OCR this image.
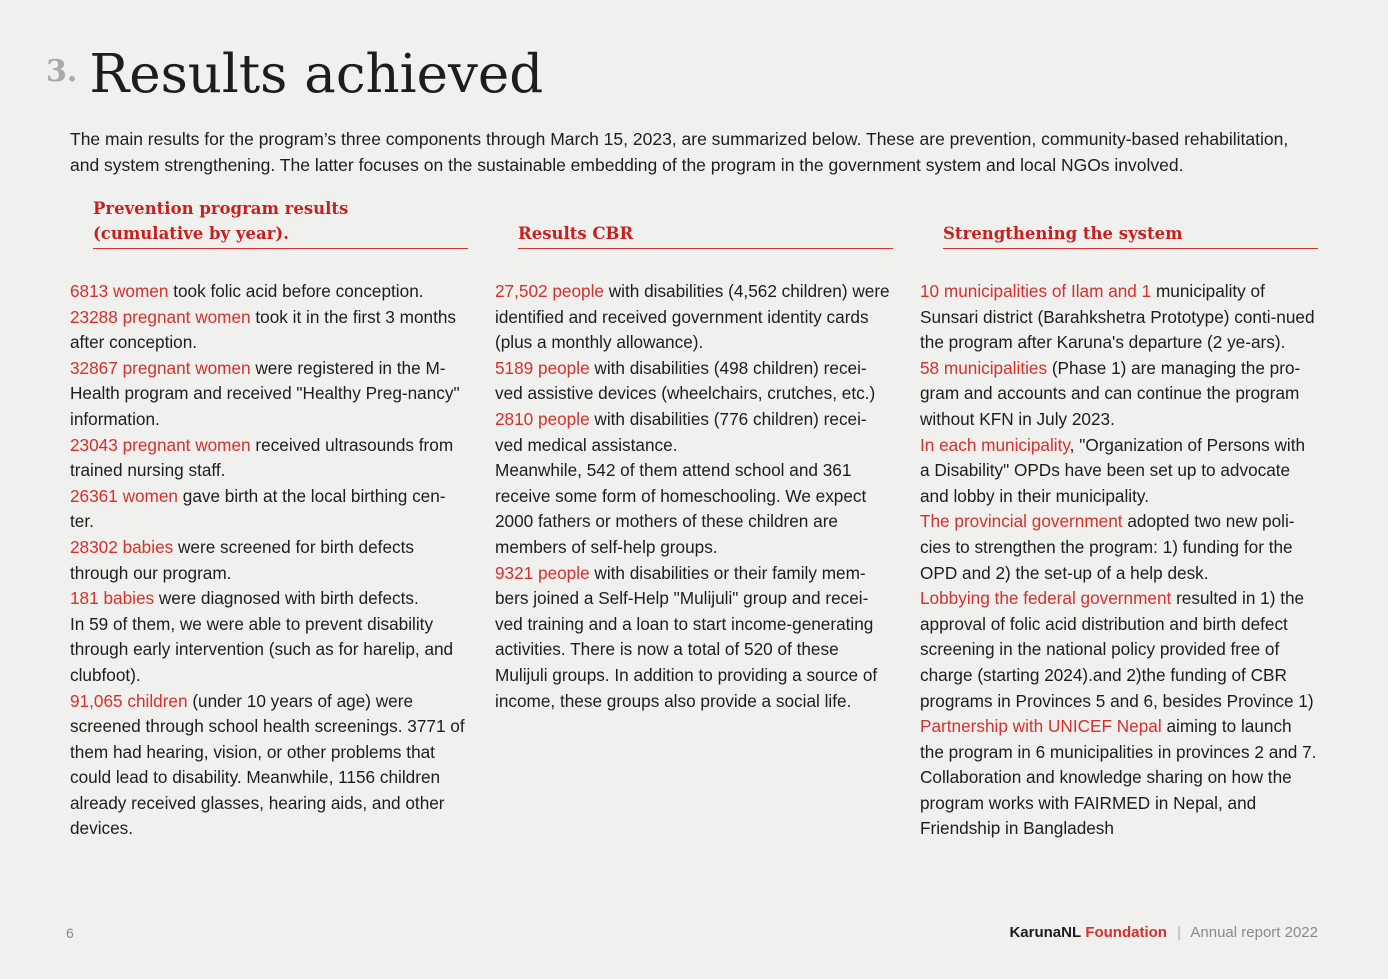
3. Results achieved
The main results for the program’s three components through March 15, 2023, are summarized below. These are prevention, community-based rehabilitation, and system strengthening. The latter focuses on the sustainable embedding of the program in the government system and local NGOs involved.
Prevention program results (cumulative by year).

6813 women took folic acid before conception.

23288 pregnant women took it in the first 3 months after conception.

32867 pregnant women were registered in the M-Health program and received "Healthy Preg-nancy" information.

23043 pregnant women received ultrasounds from trained nursing staff.

26361 women gave birth at the local birthing cen-ter.

28302 babies were screened for birth defects through our program.

181 babies were diagnosed with birth defects.

In 59 of them, we were able to prevent disability through early intervention (such as for harelip, and clubfoot).

91,065 children (under 10 years of age) were screened through school health screenings. 3771 of them had hearing, vision, or other problems that could lead to disability. Meanwhile, 1156 children already received glasses, hearing aids, and other devices.

Results CBR

27,502 people with disabilities (4,562 children) were identified and received government identity cards (plus a monthly allowance).

5189 people with disabilities (498 children) recei-ved assistive devices (wheelchairs, crutches, etc.)

2810 people with disabilities (776 children) recei-ved medical assistance.

Meanwhile, 542 of them attend school and 361 receive some form of homeschooling. We expect 2000 fathers or mothers of these children are members of self-help groups.

9321 people with disabilities or their family mem-bers joined a Self-Help "Mulijuli" group and recei-ved training and a loan to start income-generating activities. There is now a total of 520 of these Mulijuli groups. In addition to providing a source of income, these groups also provide a social life.

Strengthening the system

10 municipalities of Ilam and 1 municipality of Sunsari district (Barahkshetra Prototype) conti-nued the program after Karuna's departure (2 ye-ars).

58 municipalities (Phase 1) are managing the pro-gram and accounts and can continue the program without KFN in July 2023.

In each municipality, "Organization of Persons with a Disability" OPDs have been set up to advocate and lobby in their municipality.

The provincial government adopted two new poli-cies to strengthen the program: 1) funding for the OPD and 2) the set-up of a help desk.

Lobbying the federal government resulted in 1) the approval of folic acid distribution and birth defect screening in the national policy provided free of charge (starting 2024).and 2)the funding of CBR programs in Provinces 5 and 6, besides Province 1)

Partnership with UNICEF Nepal aiming to launch the program in 6 municipalities in provinces 2 and 7.

Collaboration and knowledge sharing on how the program works with FAIRMED in Nepal, and Friendship in Bangladesh

6	KarunaNL Foundation | Annual report 2022
